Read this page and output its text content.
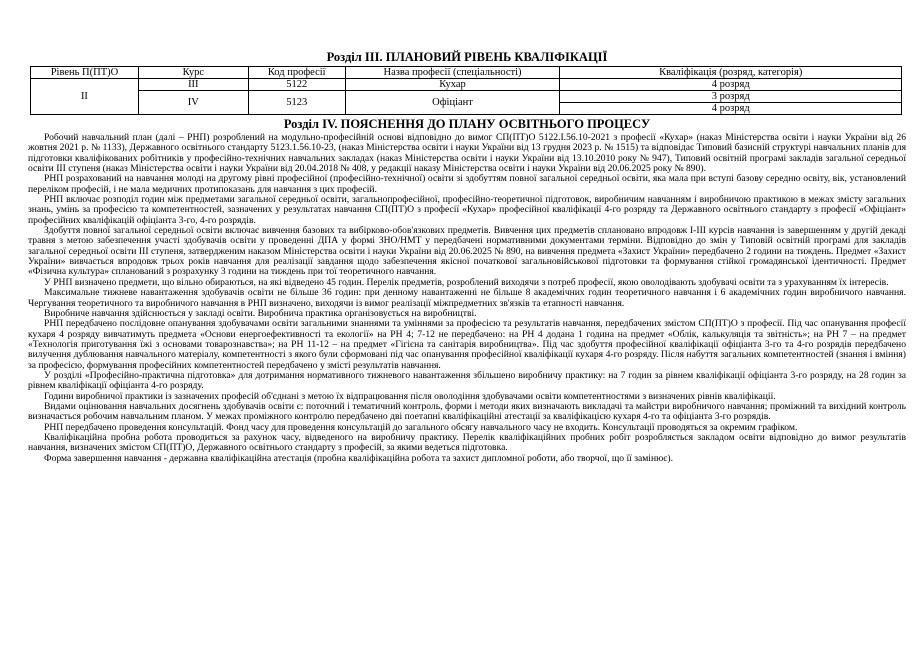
Розділ ІІІ. ПЛАНОВИЙ РІВЕНЬ КВАЛІФІКАЦІЇ

Рівень П(ПТ)О	Курс	Код професії	Назва професії (спеціальності)	Кваліфікація (розряд, категорія)
ІІ	ІІІ	5122	Кухар	4 розряд
	IV	5123	Офіціант	3 розряд
				4 розряд

Розділ ІV. ПОЯСНЕННЯ ДО ПЛАНУ ОСВІТНЬОГО ПРОЦЕСУ

Робочий навчальний план (далі – РНП) розроблений на модульно-професійній основі відповідно до вимог СП(ПТ)О 5122.І.56.10-2021 з професії «Кухар» (наказ Міністерства освіти і науки України від 26 жовтня 2021 р. № 1133), Державного освітнього стандарту 5123.1.56.10-23, (наказ Міністерства освіти і науки України від 13 грудня 2023 р. № 1515) та відповідає Типовий базисній структурі навчальних планів для підготовки кваліфікованих робітників у професійно-технічних навчальних закладах (наказ Міністерства освіти і науки України від 13.10.2010 року № 947), Типовий освітній програмі закладів загальної середньої освіти ІІІ ступеня (наказ Міністерства освіти і науки України від 20.04.2018 № 408, у редакції наказу Міністерства освіти і науки України від 20.06.2025 року № 890).

РНП розрахований на навчання молоді на другому рівні професійної (професійно-технічної) освіти зі здобуттям повної загальної середньої освіти, яка мала при вступі базову середню освіту, вік, установлений переліком професій, і не мала медичних протипоказань для навчання з цих професій.

РНП включає розподіл годин між предметами загальної середньої освіти, загальнопрофесійної, професійно-теоретичної підготовок, виробничим навчанням і виробничою практикою в межах змісту загальних знань, умінь за професією та компетентностей, зазначених у результатах навчання СП(ПТ)О з професії «Кухар» професійної кваліфікації 4-го розряду та Державного освітнього стандарту з професії «Офіціант» професійних кваліфікацій офіціанта 3-го, 4-го розрядів.

Здобуття повної загальної середньої освіти включає вивчення базових та вибірково-обов'язкових предметів. Вивчення цих предметів сплановано впродовж І-ІІІ курсів навчання із завершенням у другій декаді травня з метою забезпечення участі здобувачів освіти у проведенні ДПА у формі ЗНО/НМТ у передбачені нормативними документами терміни. Відповідно до змін у Типовій освітній програмі для закладів загальної середньої освіти ІІІ ступеня, затвердженим наказом Міністерства освіти і науки України від 20.06.2025 № 890, на вивчення предмета «Захист України» передбачено 2 години на тиждень. Предмет «Захист України» вивчається впродовж трьох років навчання для реалізації завдання щодо забезпечення якісної початкової загальновійськової підготовки та формування стійкої громадянської ідентичності. Предмет «Фізична культура» спланований з розрахунку 3 години на тиждень при тої теоретичного навчання.

У РНП визначено предмети, що вільно обираються, на які відведено 45 годин. Перелік предметів, розроблений виходячи з потреб професії, якою оволодівають здобувачі освіти та з урахуванням їх інтересів.

Максимальне тижневе навантаження здобувачів освіти не більше 36 годин: при денному навантаженні не більше 8 академічних годин теоретичного навчання і 6 академічних годин виробничого навчання. Чергування теоретичного та виробничого навчання в РНП визначено, виходячи із вимог реалізації міжпредметних зв'язків та етапності навчання.

Виробниче навчання здійснюється у закладі освіти. Виробнича практика організовується на виробництві.

РНП передбачено послідовне опанування здобувачами освіти загальними знаннями та уміннями за професією та результатів навчання, передбачених змістом СП(ПТ)О з професії. Під час опанування професії кухаря 4 розряду вивчатимуть предмета «Основи енергоефективності та екології» на РН 4; 7-12 не передбачено: на РН 4 додана 1 година на предмет «Облік, калькуляція та звітність»; на РН 7 – на предмет «Технологія приготування їжі з основами товарознавства»; на РН 11-12 – на предмет «Гігієна та санітарія виробництва». Під час здобуття професійної кваліфікації офіціанта 3-го та 4-го розрядів передбачено вилучення дублювання навчального матеріалу, компетентності з якого були сформовані під час опанування професійної кваліфікації кухаря 4-го розряду. Після набуття загальних компетентностей (знання і вміння) за професією, формування професійних компетентностей передбачено у змісті результатів навчання.

У розділі «Професійно-практична підготовка» для дотримання нормативного тижневого навантаження збільшено виробничу практику: на 7 годин за рівнем кваліфікації офіціанта 3-го розряду, на 28 годин за рівнем кваліфікації офіціанта 4-го розряду.

Години виробничої практики із зазначених професій об'єднані з метою їх відпрацювання після оволодіння здобувачами освіти компетентностями з визначених рівнів кваліфікації.

Видами оцінювання навчальних досягнень здобувачів освіти є: поточний і тематичний контроль, форми і методи яких визначають викладачі та майстри виробничого навчання; проміжний та вихідний контроль визначається робочим навчальним планом. У межах проміжного контролю передбачено дві поетапні кваліфікаційні атестації за кваліфікацією кухаря 4-го та офіціанта 3-го розрядів.

РНП передбачено проведення консультацій. Фонд часу для проведення консультацій до загального обсягу навчального часу не входить. Консультації проводяться за окремим графіком.

Кваліфікаційна пробна робота проводиться за рахунок часу, відведеного на виробничу практику. Перелік кваліфікаційних пробних робіт розробляється закладом освіти відповідно до вимог результатів навчання, визначених змістом СП(ПТ)О, Державного освітнього стандарту з професій, за якими ведеться підготовка.

Форма завершення навчання - державна кваліфікаційна атестація (пробна кваліфікаційна робота та захист дипломної роботи, або творчої, що її замінює).
